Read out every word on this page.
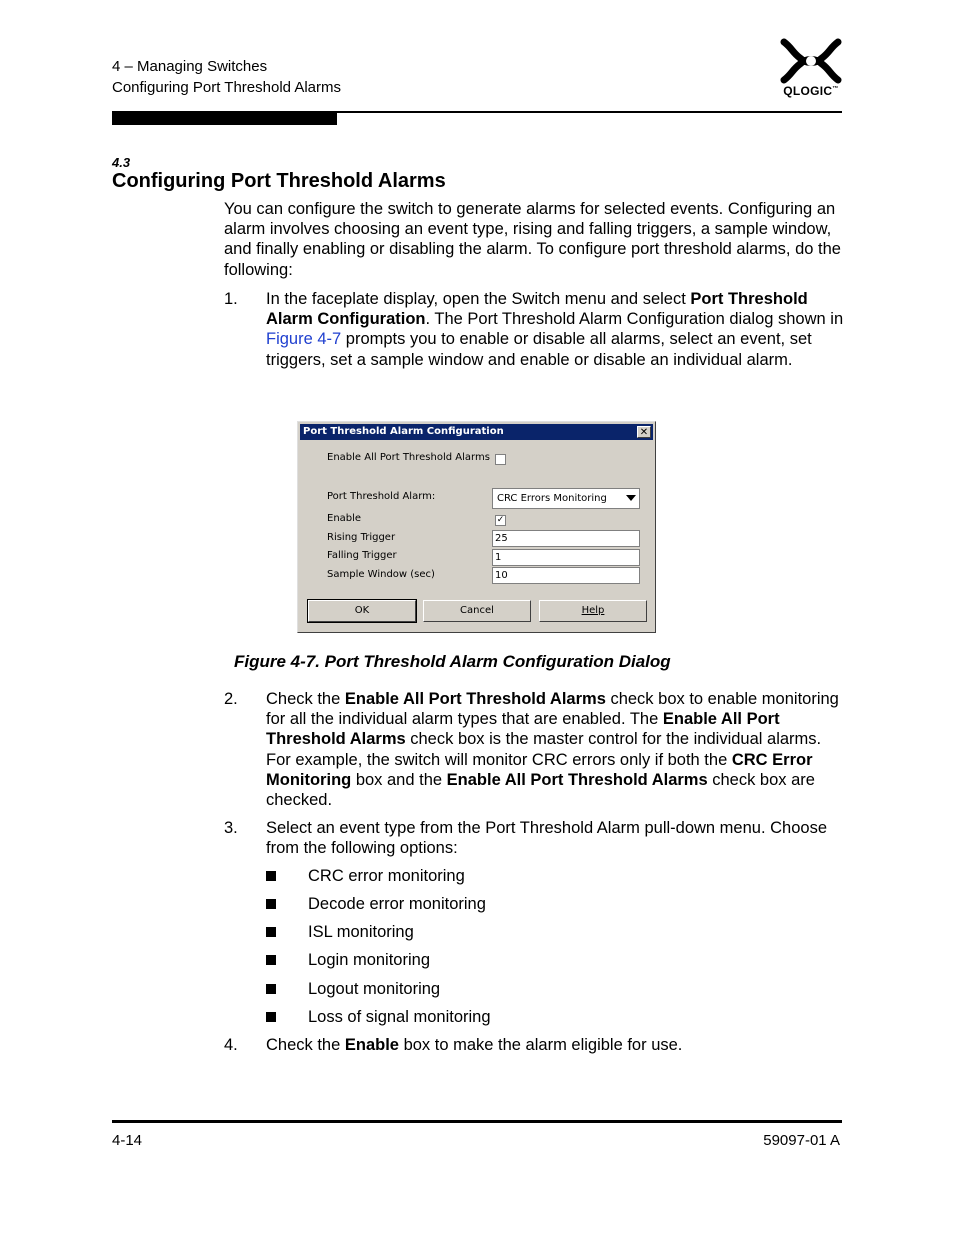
4 – Managing Switches
Configuring Port Threshold Alarms	QLOGIC™
4.3
Configuring Port Threshold Alarms
You can configure the switch to generate alarms for selected events. Configuring an alarm involves choosing an event type, rising and falling triggers, a sample window, and finally enabling or disabling the alarm. To configure port threshold alarms, do the following:
1. In the faceplate display, open the Switch menu and select Port Threshold Alarm Configuration. The Port Threshold Alarm Configuration dialog shown in Figure 4-7 prompts you to enable or disable all alarms, select an event, set triggers, set a sample window and enable or disable an individual alarm.
Port Threshold Alarm Configuration	✕
Enable All Port Threshold Alarms
Port Threshold Alarm:	CRC Errors Monitoring
Enable	✓
Rising Trigger	25
Falling Trigger	1
Sample Window (sec)	10
OK	Cancel	Help
Figure 4-7. Port Threshold Alarm Configuration Dialog
2. Check the Enable All Port Threshold Alarms check box to enable monitoring for all the individual alarm types that are enabled. The Enable All Port Threshold Alarms check box is the master control for the individual alarms. For example, the switch will monitor CRC errors only if both the CRC Error Monitoring box and the Enable All Port Threshold Alarms check box are checked.
3. Select an event type from the Port Threshold Alarm pull-down menu. Choose from the following options:
CRC error monitoring
Decode error monitoring
ISL monitoring
Login monitoring
Logout monitoring
Loss of signal monitoring
4. Check the Enable box to make the alarm eligible for use.
4-14	59097-01 A
